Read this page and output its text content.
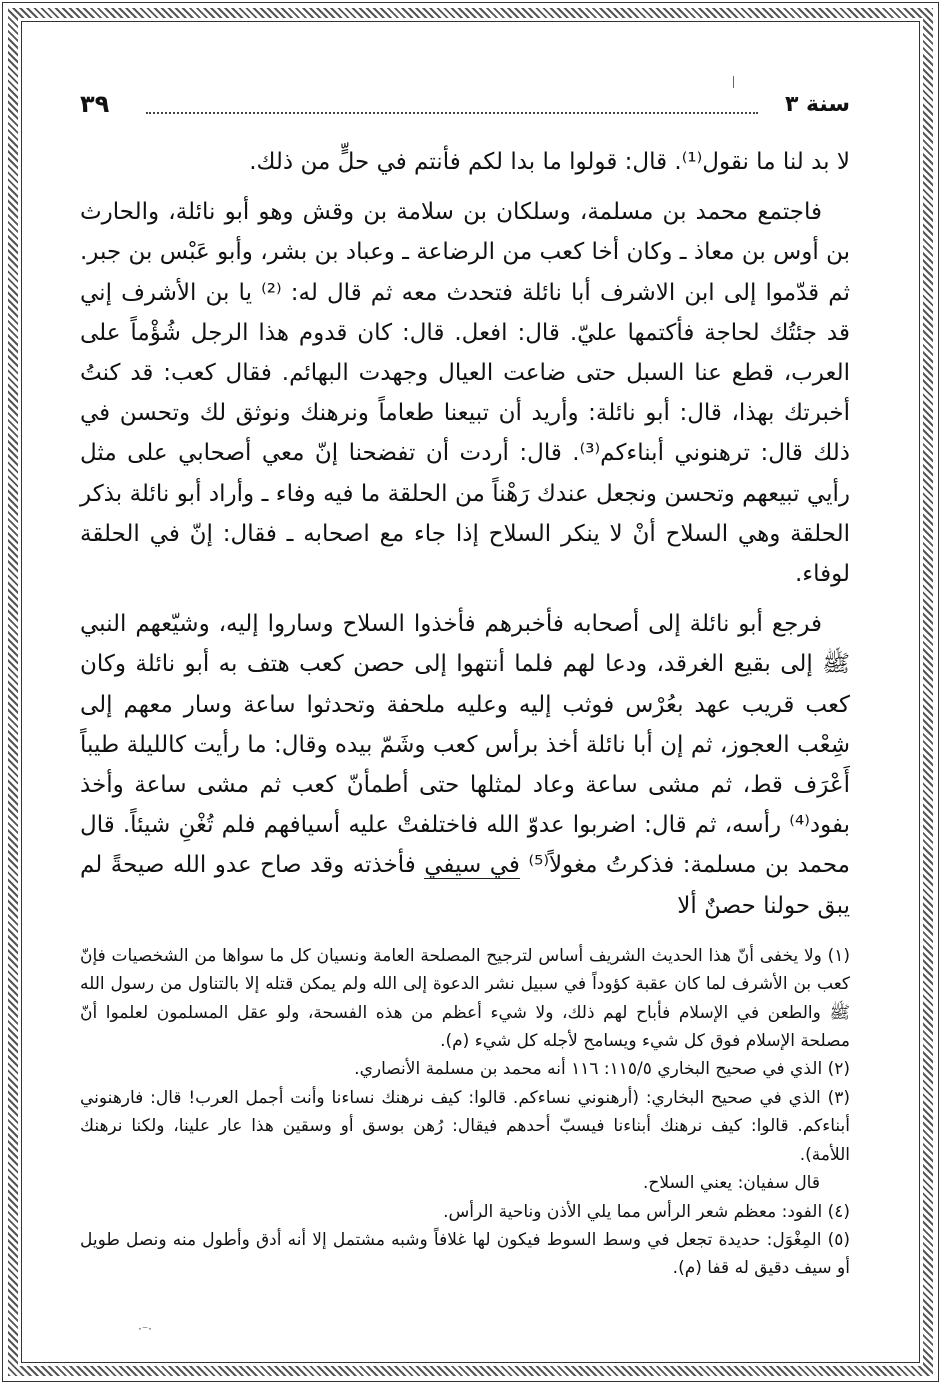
سنة ٣
٣٩

لا بد لنا ما نقول⁽¹⁾. قال: قولوا ما بدا لكم فأنتم في حلٍّ من ذلك.

فاجتمع محمد بن مسلمة، وسلكان بن سلامة بن وقش وهو أبو نائلة، والحارث بن أوس بن معاذ ـ وكان أخا كعب من الرضاعة ـ وعباد بن بشر، وأبو عَبْس بن جبر. ثم قدّموا إلى ابن الاشرف أبا نائلة فتحدث معه ثم قال له: ⁽²⁾ يا بن الأشرف إني قد جئتُك لحاجة فأكتمها عليّ. قال: افعل. قال: كان قدوم هذا الرجل شُؤْماً على العرب، قطع عنا السبل حتى ضاعت العيال وجهدت البهائم. فقال كعب: قد كنتُ أخبرتك بهذا، قال: أبو نائلة: وأريد أن تبيعنا طعاماً ونرهنك ونوثق لك وتحسن في ذلك قال: ترهنوني أبناءكم⁽³⁾. قال: أردت أن تفضحنا إنّ معي أصحابي على مثل رأيي تبيعهم وتحسن ونجعل عندك رَهْناً من الحلقة ما فيه وفاء ـ وأراد أبو نائلة بذكر الحلقة وهي السلاح أنْ لا ينكر السلاح إذا جاء مع اصحابه ـ فقال: إنّ في الحلقة لوفاء.

فرجع أبو نائلة إلى أصحابه فأخبرهم فأخذوا السلاح وساروا إليه، وشيّعهم النبي ﷺ إلى بقيع الغرقد، ودعا لهم فلما أنتهوا إلى حصن كعب هتف به أبو نائلة وكان كعب قريب عهد بعُرْس فوثب إليه وعليه ملحفة وتحدثوا ساعة وسار معهم إلى شِعْب العجوز، ثم إن أبا نائلة أخذ برأس كعب وشَمّ بيده وقال: ما رأيت كالليلة طيباً أَعْرَف قط، ثم مشى ساعة وعاد لمثلها حتى أطمأنّ كعب ثم مشى ساعة وأخذ بفود⁽⁴⁾ رأسه، ثم قال: اضربوا عدوّ الله فاختلفتْ عليه أسيافهم فلم تُغْنِ شيئاً. قال محمد بن مسلمة: فذكرتُ مغولاً⁽⁵⁾ في سيفي فأخذته وقد صاح عدو الله صيحةً لم يبق حولنا حصنٌ ألا

(١) ولا يخفى أنّ هذا الحديث الشريف أساس لترجيح المصلحة العامة ونسيان كل ما سواها من الشخصيات فإنّ كعب بن الأشرف لما كان عقبة كؤوداً في سبيل نشر الدعوة إلى الله ولم يمكن قتله إلا بالتناول من رسول الله ﷺ والطعن في الإسلام فأباح لهم ذلك، ولا شيء أعظم من هذه الفسحة، ولو عقل المسلمون لعلموا أنّ مصلحة الإسلام فوق كل شيء ويسامح لأجله كل شيء (م).

(٢) الذي في صحيح البخاري ١١٥/٥: ١١٦ أنه محمد بن مسلمة الأنصاري.

(٣) الذي في صحيح البخاري: (أرهنوني نساءكم. قالوا: كيف نرهنك نساءنا وأنت أجمل العرب! قال: فارهنوني أبناءكم. قالوا: كيف نرهنك أبناءنا فيسبّ أحدهم فيقال: رُهن بوسق أو وسقين هذا عار علينا، ولكنا نرهنك اللأمة).

قال سفيان: يعني السلاح.

(٤) الفود: معظم شعر الرأس مما يلي الأذن وناحية الرأس.

(٥) المِغْوَل: حديدة تجعل في وسط السوط فيكون لها غلافاً وشبه مشتمل إلا أنه أدق وأطول منه ونصل طويل أو سيف دقيق له قفا (م).

·⁻·
